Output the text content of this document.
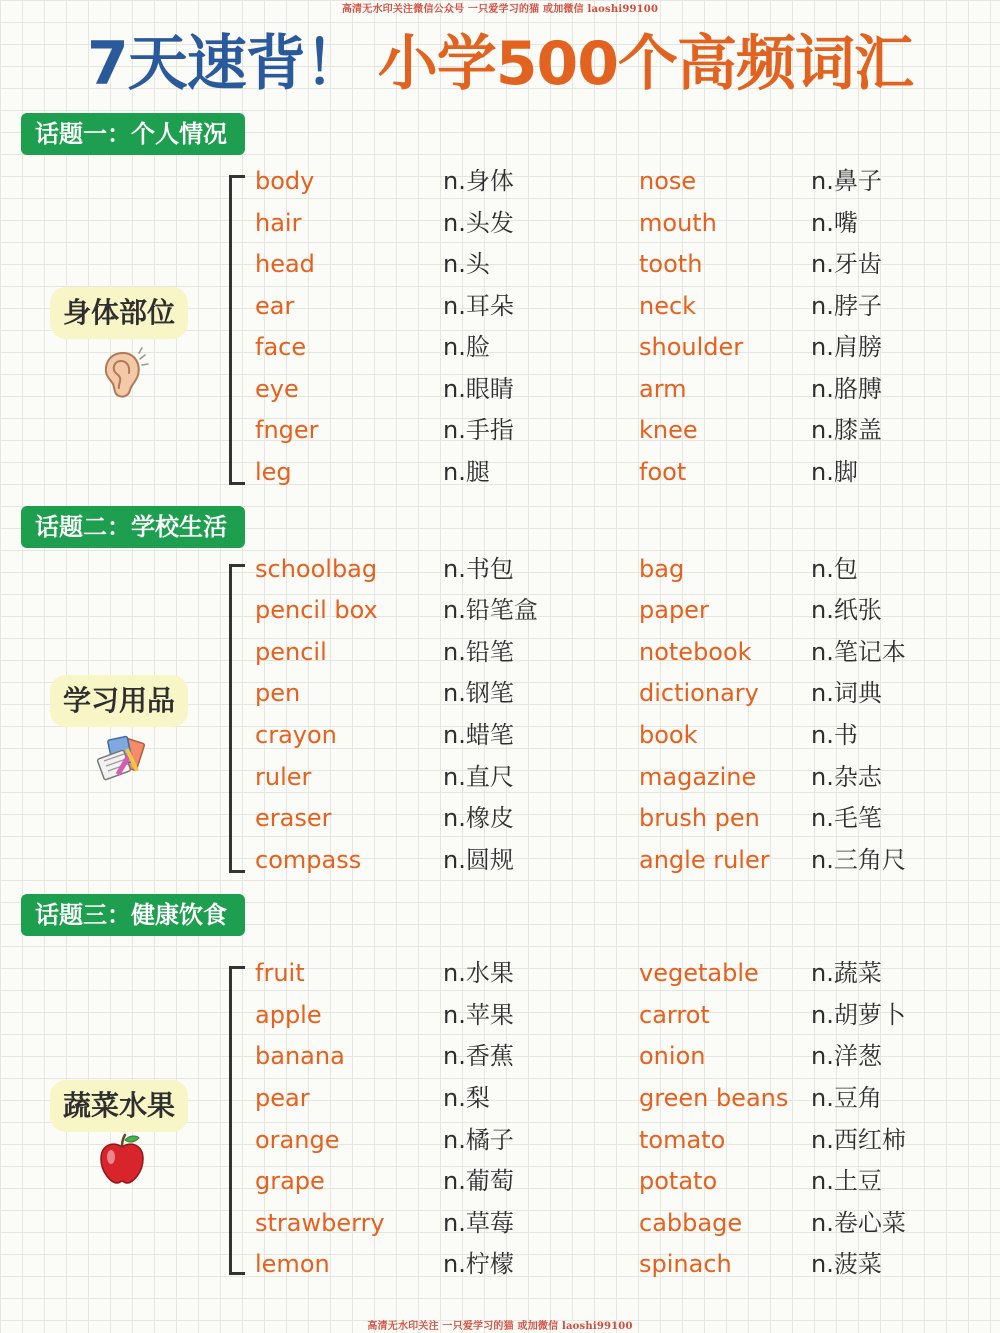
高清无水印关注微信公众号 一只爱学习的猫 或加微信 laoshi99100
7天速背！ 小学500个高频词汇
话题一：个人情况
身体部位
body	n.身体	nose	n.鼻子
hair	n.头发	mouth	n.嘴
head	n.头	tooth	n.牙齿
ear	n.耳朵	neck	n.脖子
face	n.脸	shoulder	n.肩膀
eye	n.眼睛	arm	n.胳膊
fnger	n.手指	knee	n.膝盖
leg	n.腿	foot	n.脚
话题二：学校生活
学习用品
schoolbag	n.书包	bag	n.包
pencil box	n.铅笔盒	paper	n.纸张
pencil	n.铅笔	notebook n.笔记本
pen	n.钢笔	dictionary n.词典
crayon	n.蜡笔	book	n.书
ruler	n.直尺	magazine n.杂志
eraser	n.橡皮	brush pen n.毛笔
compass	n.圆规	angle ruler n.三角尺
话题三：健康饮食
蔬菜水果
fruit	n.水果	vegetable n.蔬菜
apple	n.苹果	carrot	n.胡萝卜
banana	n.香蕉	onion	n.洋葱
pear	n.梨	green beans n.豆角
orange	n.橘子	tomato	n.西红柿
grape	n.葡萄	potato	n.土豆
strawberry n.草莓	cabbage	n.卷心菜
lemon	n.柠檬	spinach	n.菠菜
高清无水印关注 一只爱学习的猫 或加微信 laoshi99100
